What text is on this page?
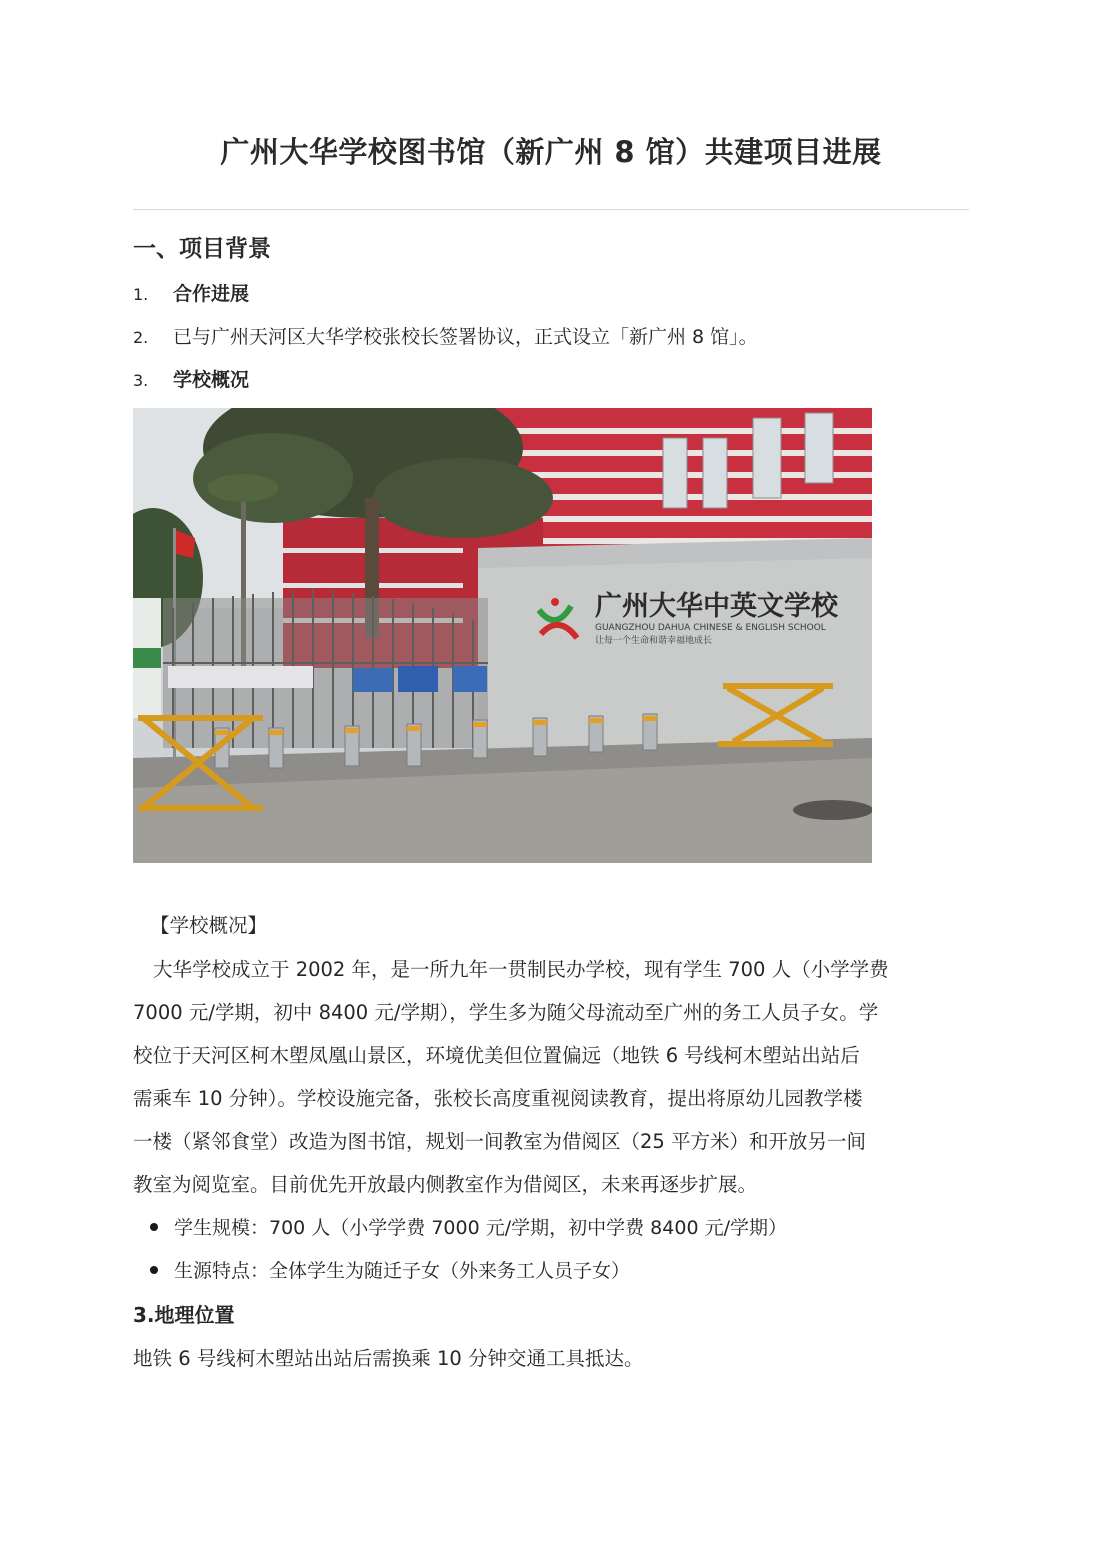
广州大华学校图书馆（新广州 8 馆）共建项目进展
一、项目背景
1. 合作进展
2. 已与广州天河区大华学校张校长签署协议，正式设立「新广州 8 馆」。
3. 学校概况
广州大华中英文学校
GUANGZHOU DAHUA CHINESE & ENGLISH SCHOOL
让每一个生命和谐幸福地成长
【学校概况】
大华学校成立于 2002 年，是一所九年一贯制民办学校，现有学生 700 人（小学学费
7000 元/学期，初中 8400 元/学期），学生多为随父母流动至广州的务工人员子女。学
校位于天河区柯木塱凤凰山景区，环境优美但位置偏远（地铁 6 号线柯木塱站出站后
需乘车 10 分钟）。学校设施完备，张校长高度重视阅读教育，提出将原幼儿园教学楼
一楼（紧邻食堂）改造为图书馆，规划一间教室为借阅区（25 平方米）和开放另一间
教室为阅览室。目前优先开放最内侧教室作为借阅区，未来再逐步扩展。
学生规模：700 人（小学学费 7000 元/学期，初中学费 8400 元/学期）
生源特点：全体学生为随迁子女（外来务工人员子女）
3.地理位置
地铁 6 号线柯木塱站出站后需换乘 10 分钟交通工具抵达。
